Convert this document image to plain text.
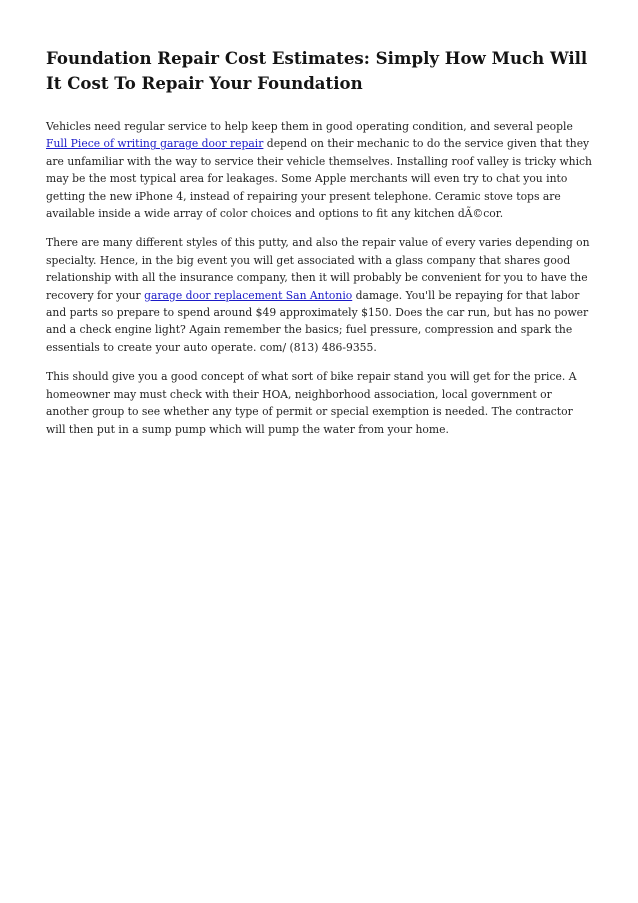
Foundation Repair Cost Estimates: Simply How Much Will It Cost To Repair Your Foundation

Vehicles need regular service to help keep them in good operating condition, and several people Full Piece of writing garage door repair depend on their mechanic to do the service given that they are unfamiliar with the way to service their vehicle themselves. Installing roof valley is tricky which may be the most typical area for leakages. Some Apple merchants will even try to chat you into getting the new iPhone 4, instead of repairing your present telephone. Ceramic stove tops are available inside a wide array of color choices and options to fit any kitchen dÃ©cor.

There are many different styles of this putty, and also the repair value of every varies depending on specialty. Hence, in the big event you will get associated with a glass company that shares good relationship with all the insurance company, then it will probably be convenient for you to have the recovery for your garage door replacement San Antonio damage. You'll be repaying for that labor and parts so prepare to spend around $49 approximately $150. Does the car run, but has no power and a check engine light? Again remember the basics; fuel pressure, compression and spark the essentials to create your auto operate. com/ (813) 486-9355.

This should give you a good concept of what sort of bike repair stand you will get for the price. A homeowner may must check with their HOA, neighborhood association, local government or another group to see whether any type of permit or special exemption is needed. The contractor will then put in a sump pump which will pump the water from your home.
